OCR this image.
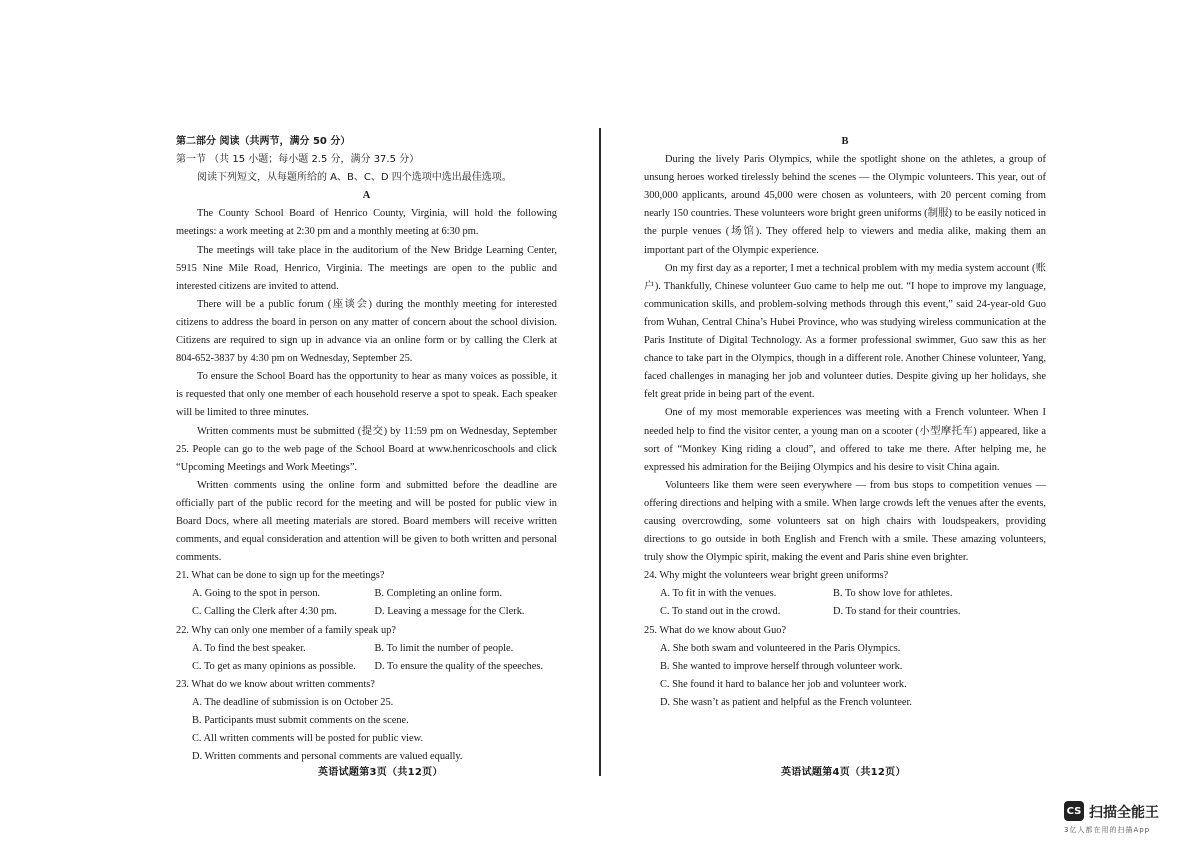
第二部分 阅读（共两节，满分 50 分）

第一节 （共 15 小题；每小题 2.5 分，满分 37.5 分）

阅读下列短文，从每题所给的 A、B、C、D 四个选项中选出最佳选项。

A

The County School Board of Henrico County, Virginia, will hold the following meetings: a work meeting at 2:30 pm and a monthly meeting at 6:30 pm.

The meetings will take place in the auditorium of the New Bridge Learning Center, 5915 Nine Mile Road, Henrico, Virginia. The meetings are open to the public and interested citizens are invited to attend.

There will be a public forum (座谈会) during the monthly meeting for interested citizens to address the board in person on any matter of concern about the school division. Citizens are required to sign up in advance via an online form or by calling the Clerk at 804-652-3837 by 4:30 pm on Wednesday, September 25.

To ensure the School Board has the opportunity to hear as many voices as possible, it is requested that only one member of each household reserve a spot to speak. Each speaker will be limited to three minutes.

Written comments must be submitted (提交) by 11:59 pm on Wednesday, September 25. People can go to the web page of the School Board at www.henricoschools and click “Upcoming Meetings and Work Meetings”.

Written comments using the online form and submitted before the deadline are officially part of the public record for the meeting and will be posted for public view in Board Docs, where all meeting materials are stored. Board members will receive written comments, and equal consideration and attention will be given to both written and personal comments.

21. What can be done to sign up for the meetings?

A. Going to the spot in person.	B. Completing an online form.
C. Calling the Clerk after 4:30 pm.	D. Leaving a message for the Clerk.

22. Why can only one member of a family speak up?

A. To find the best speaker.	B. To limit the number of people.
C. To get as many opinions as possible.	D. To ensure the quality of the speeches.

23. What do we know about written comments?

A. The deadline of submission is on October 25.
B. Participants must submit comments on the scene.
C. All written comments will be posted for public view.
D. Written comments and personal comments are valued equally.
英语试题第3页（共12页）

B

During the lively Paris Olympics, while the spotlight shone on the athletes, a group of unsung heroes worked tirelessly behind the scenes — the Olympic volunteers. This year, out of 300,000 applicants, around 45,000 were chosen as volunteers, with 20 percent coming from nearly 150 countries. These volunteers wore bright green uniforms (制服) to be easily noticed in the purple venues (场馆). They offered help to viewers and media alike, making them an important part of the Olympic experience.

On my first day as a reporter, I met a technical problem with my media system account (账户). Thankfully, Chinese volunteer Guo came to help me out. “I hope to improve my language, communication skills, and problem-solving methods through this event,” said 24-year-old Guo from Wuhan, Central China’s Hubei Province, who was studying wireless communication at the Paris Institute of Digital Technology. As a former professional swimmer, Guo saw this as her chance to take part in the Olympics, though in a different role. Another Chinese volunteer, Yang, faced challenges in managing her job and volunteer duties. Despite giving up her holidays, she felt great pride in being part of the event.

One of my most memorable experiences was meeting with a French volunteer. When I needed help to find the visitor center, a young man on a scooter (小型摩托车) appeared, like a sort of “Monkey King riding a cloud”, and offered to take me there. After helping me, he expressed his admiration for the Beijing Olympics and his desire to visit China again.

Volunteers like them were seen everywhere — from bus stops to competition venues — offering directions and helping with a smile. When large crowds left the venues after the events, causing overcrowding, some volunteers sat on high chairs with loudspeakers, providing directions to go outside in both English and French with a smile. These amazing volunteers, truly show the Olympic spirit, making the event and Paris shine even brighter.

24. Why might the volunteers wear bright green uniforms?

A. To fit in with the venues.	B. To show love for athletes.
C. To stand out in the crowd.	D. To stand for their countries.

25. What do we know about Guo?

A. She both swam and volunteered in the Paris Olympics.
B. She wanted to improve herself through volunteer work.
C. She found it hard to balance her job and volunteer work.
D. She wasn’t as patient and helpful as the French volunteer.
英语试题第4页（共12页）
CS 扫描全能王
3亿人都在用的扫描App
